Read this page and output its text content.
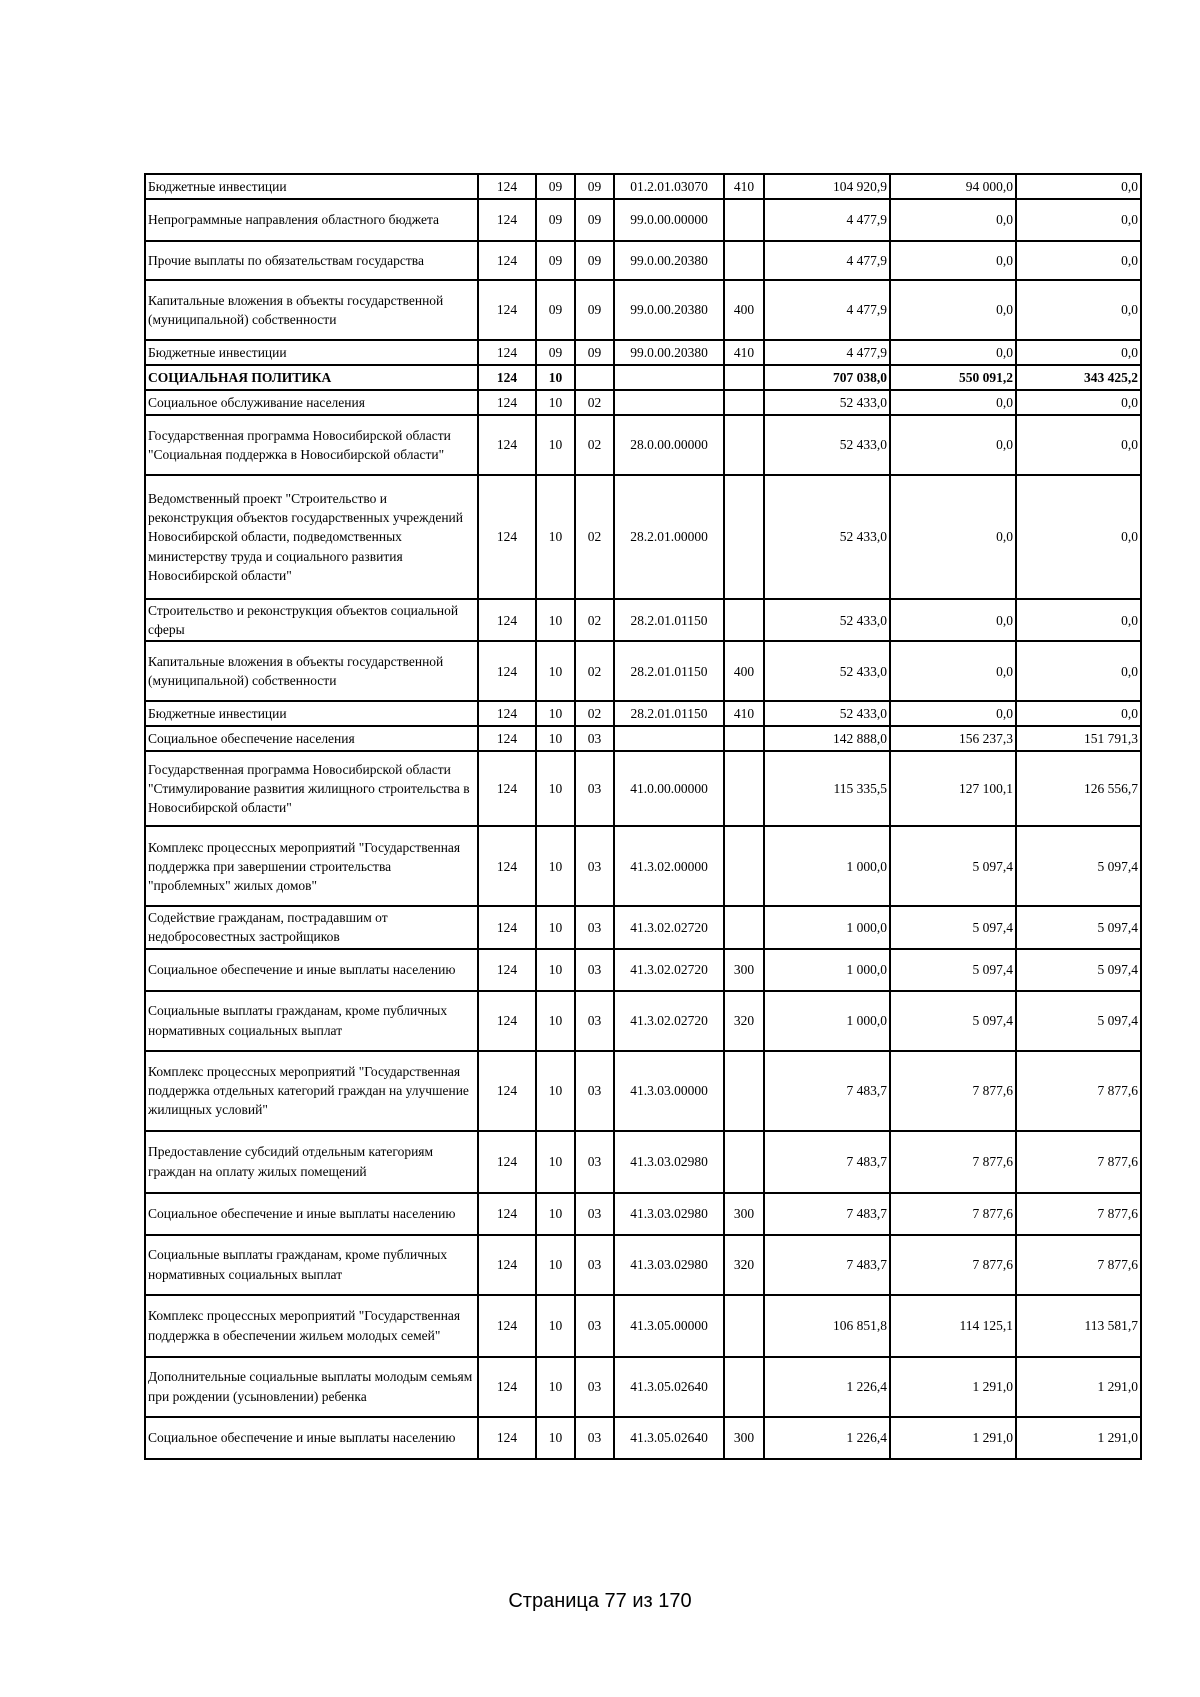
Бюджетные инвестиции	124	09	09	01.2.01.03070	410	104 920,9	94 000,0	0,0
Непрограммные направления областного бюджета	124	09	09	99.0.00.00000		4 477,9	0,0	0,0
Прочие выплаты по обязательствам государства	124	09	09	99.0.00.20380		4 477,9	0,0	0,0
Капитальные вложения в объекты государственной (муниципальной) собственности	124	09	09	99.0.00.20380	400	4 477,9	0,0	0,0
Бюджетные инвестиции	124	09	09	99.0.00.20380	410	4 477,9	0,0	0,0
СОЦИАЛЬНАЯ ПОЛИТИКА	124	10				707 038,0	550 091,2	343 425,2
Социальное обслуживание населения	124	10	02			52 433,0	0,0	0,0
Государственная программа Новосибирской области "Социальная поддержка в Новосибирской области"	124	10	02	28.0.00.00000		52 433,0	0,0	0,0
Ведомственный проект "Строительство и реконструкция объектов государственных учреждений Новосибирской области, подведомственных министерству труда и социального развития Новосибирской области"	124	10	02	28.2.01.00000		52 433,0	0,0	0,0
Строительство и реконструкция объектов социальной сферы	124	10	02	28.2.01.01150		52 433,0	0,0	0,0
Капитальные вложения в объекты государственной (муниципальной) собственности	124	10	02	28.2.01.01150	400	52 433,0	0,0	0,0
Бюджетные инвестиции	124	10	02	28.2.01.01150	410	52 433,0	0,0	0,0
Социальное обеспечение населения	124	10	03			142 888,0	156 237,3	151 791,3
Государственная программа Новосибирской области "Стимулирование развития жилищного строительства в Новосибирской области"	124	10	03	41.0.00.00000		115 335,5	127 100,1	126 556,7
Комплекс процессных мероприятий "Государственная поддержка при завершении строительства "проблемных" жилых домов"	124	10	03	41.3.02.00000		1 000,0	5 097,4	5 097,4
Содействие гражданам, пострадавшим от недобросовестных застройщиков	124	10	03	41.3.02.02720		1 000,0	5 097,4	5 097,4
Социальное обеспечение и иные выплаты населению	124	10	03	41.3.02.02720	300	1 000,0	5 097,4	5 097,4
Социальные выплаты гражданам, кроме публичных нормативных социальных выплат	124	10	03	41.3.02.02720	320	1 000,0	5 097,4	5 097,4
Комплекс процессных мероприятий "Государственная поддержка отдельных категорий граждан на улучшение жилищных условий"	124	10	03	41.3.03.00000		7 483,7	7 877,6	7 877,6
Предоставление субсидий отдельным категориям граждан на оплату жилых помещений	124	10	03	41.3.03.02980		7 483,7	7 877,6	7 877,6
Социальное обеспечение и иные выплаты населению	124	10	03	41.3.03.02980	300	7 483,7	7 877,6	7 877,6
Социальные выплаты гражданам, кроме публичных нормативных социальных выплат	124	10	03	41.3.03.02980	320	7 483,7	7 877,6	7 877,6
Комплекс процессных мероприятий "Государственная поддержка в обеспечении жильем молодых семей"	124	10	03	41.3.05.00000		106 851,8	114 125,1	113 581,7
Дополнительные социальные выплаты молодым семьям при рождении (усыновлении) ребенка	124	10	03	41.3.05.02640		1 226,4	1 291,0	1 291,0
Социальное обеспечение и иные выплаты населению	124	10	03	41.3.05.02640	300	1 226,4	1 291,0	1 291,0
Страница 77 из 170
